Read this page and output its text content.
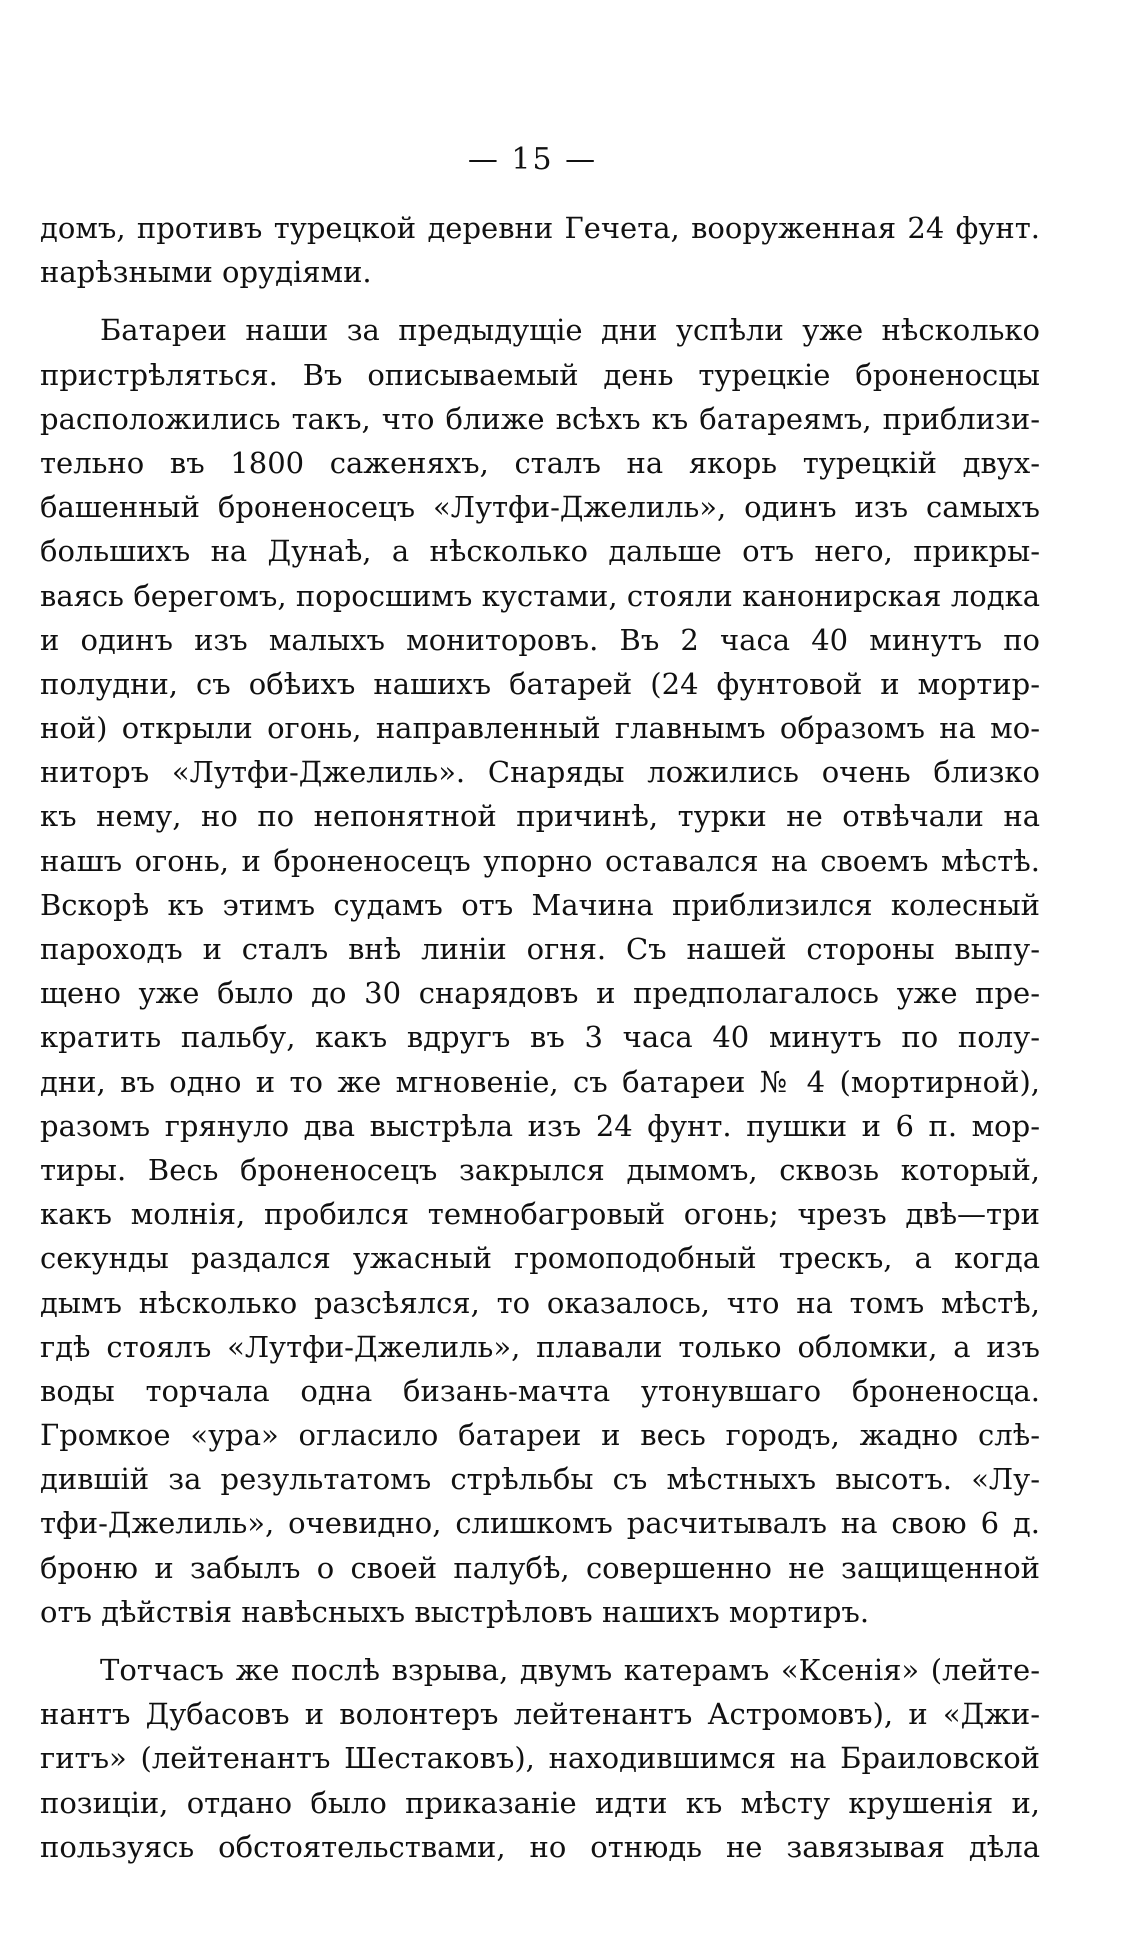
— 15 —
домъ, противъ турецкой деревни Гечета, вооруженная 24 фунт.
нарѣзными орудіями.
Батареи наши за предыдущіе дни успѣли уже нѣсколько
пристрѣляться. Въ описываемый день турецкіе броненосцы
расположились такъ, что ближе всѣхъ къ батареямъ, приблизи-
тельно въ 1800 саженяхъ, сталъ на якорь турецкій двух-
башенный броненосецъ «Лутфи-Джелиль», одинъ изъ самыхъ
большихъ на Дунаѣ, а нѣсколько дальше отъ него, прикры-
ваясь берегомъ, поросшимъ кустами, стояли канонирская лодка
и одинъ изъ малыхъ мониторовъ. Въ 2 часа 40 минутъ по
полудни, съ обѣихъ нашихъ батарей (24 фунтовой и мортир-
ной) открыли огонь, направленный главнымъ образомъ на мо-
ниторъ «Лутфи-Джелиль». Снаряды ложились очень близко
къ нему, но по непонятной причинѣ, турки не отвѣчали на
нашъ огонь, и броненосецъ упорно оставался на своемъ мѣстѣ.
Вскорѣ къ этимъ судамъ отъ Мачина приблизился колесный
пароходъ и сталъ внѣ линіи огня. Съ нашей стороны выпу-
щено уже было до 30 снарядовъ и предполагалось уже пре-
кратить пальбу, какъ вдругъ въ 3 часа 40 минутъ по полу-
дни, въ одно и то же мгновеніе, съ батареи № 4 (мортирной),
разомъ грянуло два выстрѣла изъ 24 фунт. пушки и 6 п. мор-
тиры. Весь броненосецъ закрылся дымомъ, сквозь который,
какъ молнія, пробился темнобагровый огонь; чрезъ двѣ—три
секунды раздался ужасный громоподобный трескъ, а когда
дымъ нѣсколько разсѣялся, то оказалось, что на томъ мѣстѣ,
гдѣ стоялъ «Лутфи-Джелиль», плавали только обломки, а изъ
воды торчала одна бизань-мачта утонувшаго броненосца.
Громкое «ура» огласило батареи и весь городъ, жадно слѣ-
дившій за результатомъ стрѣльбы съ мѣстныхъ высотъ. «Лу-
тфи-Джелиль», очевидно, слишкомъ расчитывалъ на свою 6 д.
броню и забылъ о своей палубѣ, совершенно не защищенной
отъ дѣйствія навѣсныхъ выстрѣловъ нашихъ мортиръ.
Тотчасъ же послѣ взрыва, двумъ катерамъ «Ксенія» (лейте-
нантъ Дубасовъ и волонтеръ лейтенантъ Астромовъ), и «Джи-
гитъ» (лейтенантъ Шестаковъ), находившимся на Браиловской
позиціи, отдано было приказаніе идти къ мѣсту крушенія и,
пользуясь обстоятельствами, но отнюдь не завязывая дѣла
